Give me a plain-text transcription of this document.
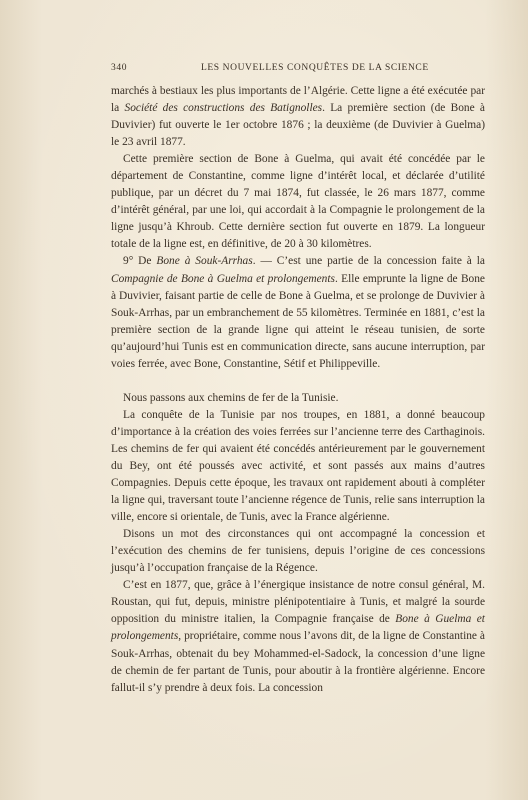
340	LES NOUVELLES CONQUÊTES DE LA SCIENCE

marchés à bestiaux les plus importants de l’Algérie. Cette ligne a été exécutée par la Société des constructions des Batignolles. La première section (de Bone à Duvivier) fut ouverte le 1er octobre 1876 ; la deuxième (de Duvivier à Guelma) le 23 avril 1877.

Cette première section de Bone à Guelma, qui avait été concédée par le département de Constantine, comme ligne d’intérêt local, et déclarée d’utilité publique, par un décret du 7 mai 1874, fut classée, le 26 mars 1877, comme d’intérêt général, par une loi, qui accordait à la Compagnie le prolongement de la ligne jusqu’à Khroub. Cette dernière section fut ouverte en 1879. La longueur totale de la ligne est, en définitive, de 20 à 30 kilomètres.

9° De Bone à Souk-Arrhas. — C’est une partie de la concession faite à la Compagnie de Bone à Guelma et prolongements. Elle emprunte la ligne de Bone à Duvivier, faisant partie de celle de Bone à Guelma, et se prolonge de Duvivier à Souk-Arrhas, par un embranchement de 55 kilomètres. Terminée en 1881, c’est la première section de la grande ligne qui atteint le réseau tunisien, de sorte qu’aujourd’hui Tunis est en communication directe, sans aucune interruption, par voies ferrée, avec Bone, Constantine, Sétif et Philippeville.

Nous passons aux chemins de fer de la Tunisie.

La conquête de la Tunisie par nos troupes, en 1881, a donné beaucoup d’importance à la création des voies ferrées sur l’ancienne terre des Carthaginois. Les chemins de fer qui avaient été concédés antérieurement par le gouvernement du Bey, ont été poussés avec activité, et sont passés aux mains d’autres Compagnies. Depuis cette époque, les travaux ont rapidement abouti à compléter la ligne qui, traversant toute l’ancienne régence de Tunis, relie sans interruption la ville, encore si orientale, de Tunis, avec la France algérienne.

Disons un mot des circonstances qui ont accompagné la concession et l’exécution des chemins de fer tunisiens, depuis l’origine de ces concessions jusqu’à l’occupation française de la Régence.

C’est en 1877, que, grâce à l’énergique insistance de notre consul général, M. Roustan, qui fut, depuis, ministre plénipotentiaire à Tunis, et malgré la sourde opposition du ministre italien, la Compagnie française de Bone à Guelma et prolongements, propriétaire, comme nous l’avons dit, de la ligne de Constantine à Souk-Arrhas, obtenait du bey Mohammed-el-Sadock, la concession d’une ligne de chemin de fer partant de Tunis, pour aboutir à la frontière algérienne. Encore fallut-il s’y prendre à deux fois. La concession
